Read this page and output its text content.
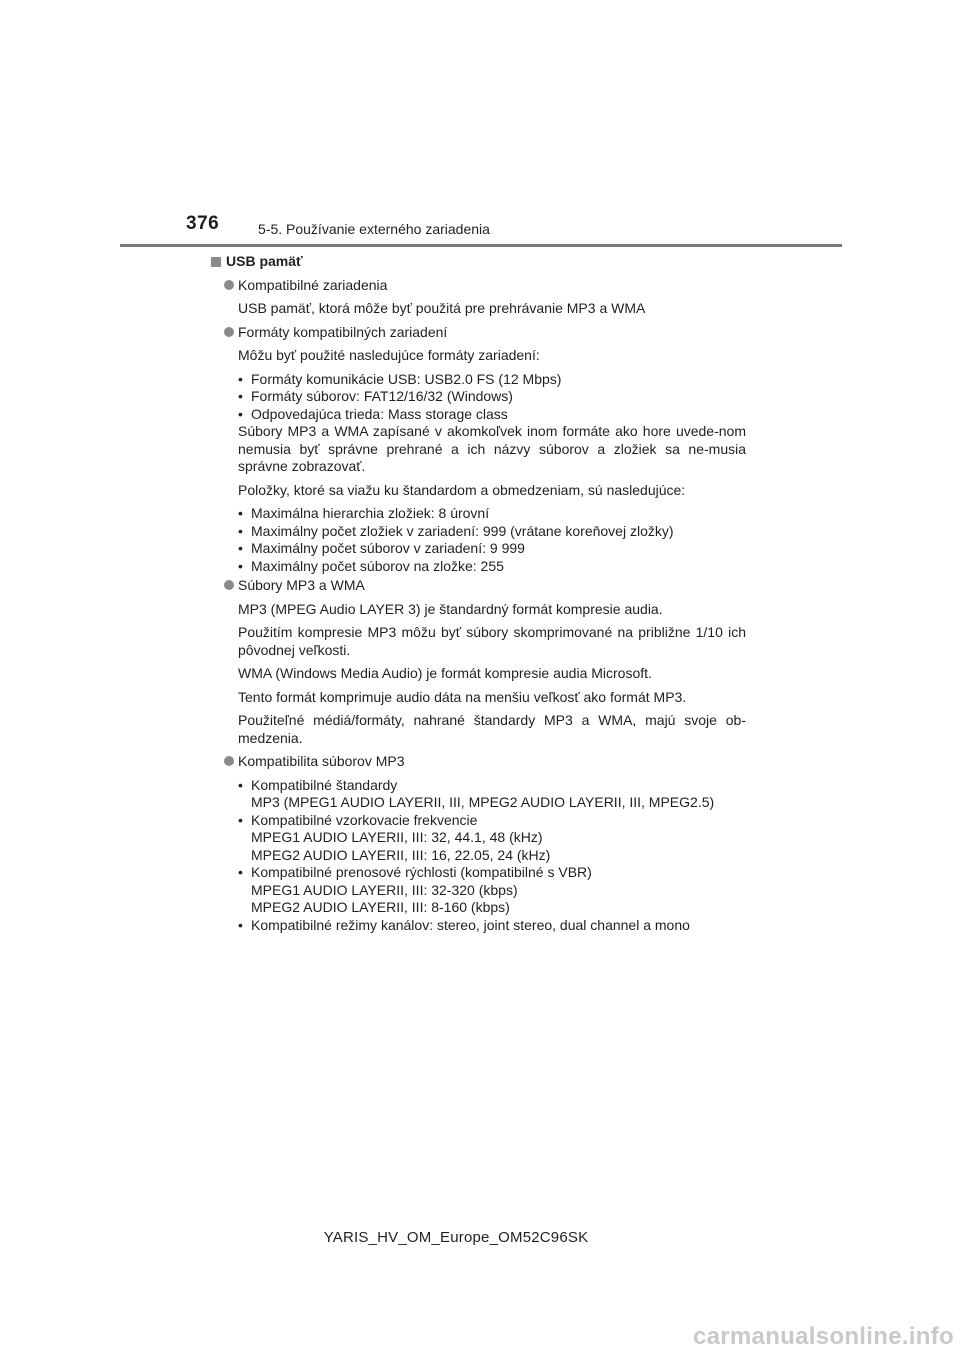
376	5-5. Používanie externého zariadenia
USB pamäť
Kompatibilné zariadenia
USB pamäť, ktorá môže byť použitá pre prehrávanie MP3 a WMA
Formáty kompatibilných zariadení
Môžu byť použité nasledujúce formáty zariadení:
• Formáty komunikácie USB: USB2.0 FS (12 Mbps)
• Formáty súborov: FAT12/16/32 (Windows)
• Odpovedajúca trieda: Mass storage class
Súbory MP3 a WMA zapísané v akomkoľvek inom formáte ako hore uvede-nom nemusia byť správne prehrané a ich názvy súborov a zložiek sa ne-musia správne zobrazovať.
Položky, ktoré sa viažu ku štandardom a obmedzeniam, sú nasledujúce:
• Maximálna hierarchia zložiek: 8 úrovní
• Maximálny počet zložiek v zariadení: 999 (vrátane koreňovej zložky)
• Maximálny počet súborov v zariadení: 9 999
• Maximálny počet súborov na zložke: 255
Súbory MP3 a WMA
MP3 (MPEG Audio LAYER 3) je štandardný formát kompresie audia.
Použitím kompresie MP3 môžu byť súbory skomprimované na približne 1/10 ich pôvodnej veľkosti.
WMA (Windows Media Audio) je formát kompresie audia Microsoft.
Tento formát komprimuje audio dáta na menšiu veľkosť ako formát MP3.
Použiteľné médiá/formáty, nahrané štandardy MP3 a WMA, majú svoje ob-medzenia.
Kompatibilita súborov MP3
• Kompatibilné štandardy
MP3 (MPEG1 AUDIO LAYERII, III, MPEG2 AUDIO LAYERII, III, MPEG2.5)
• Kompatibilné vzorkovacie frekvencie
MPEG1 AUDIO LAYERII, III: 32, 44.1, 48 (kHz)
MPEG2 AUDIO LAYERII, III: 16, 22.05, 24 (kHz)
• Kompatibilné prenosové rýchlosti (kompatibilné s VBR)
MPEG1 AUDIO LAYERII, III: 32-320 (kbps)
MPEG2 AUDIO LAYERII, III: 8-160 (kbps)
• Kompatibilné režimy kanálov: stereo, joint stereo, dual channel a mono
YARIS_HV_OM_Europe_OM52C96SK
carmanualsonline.info
